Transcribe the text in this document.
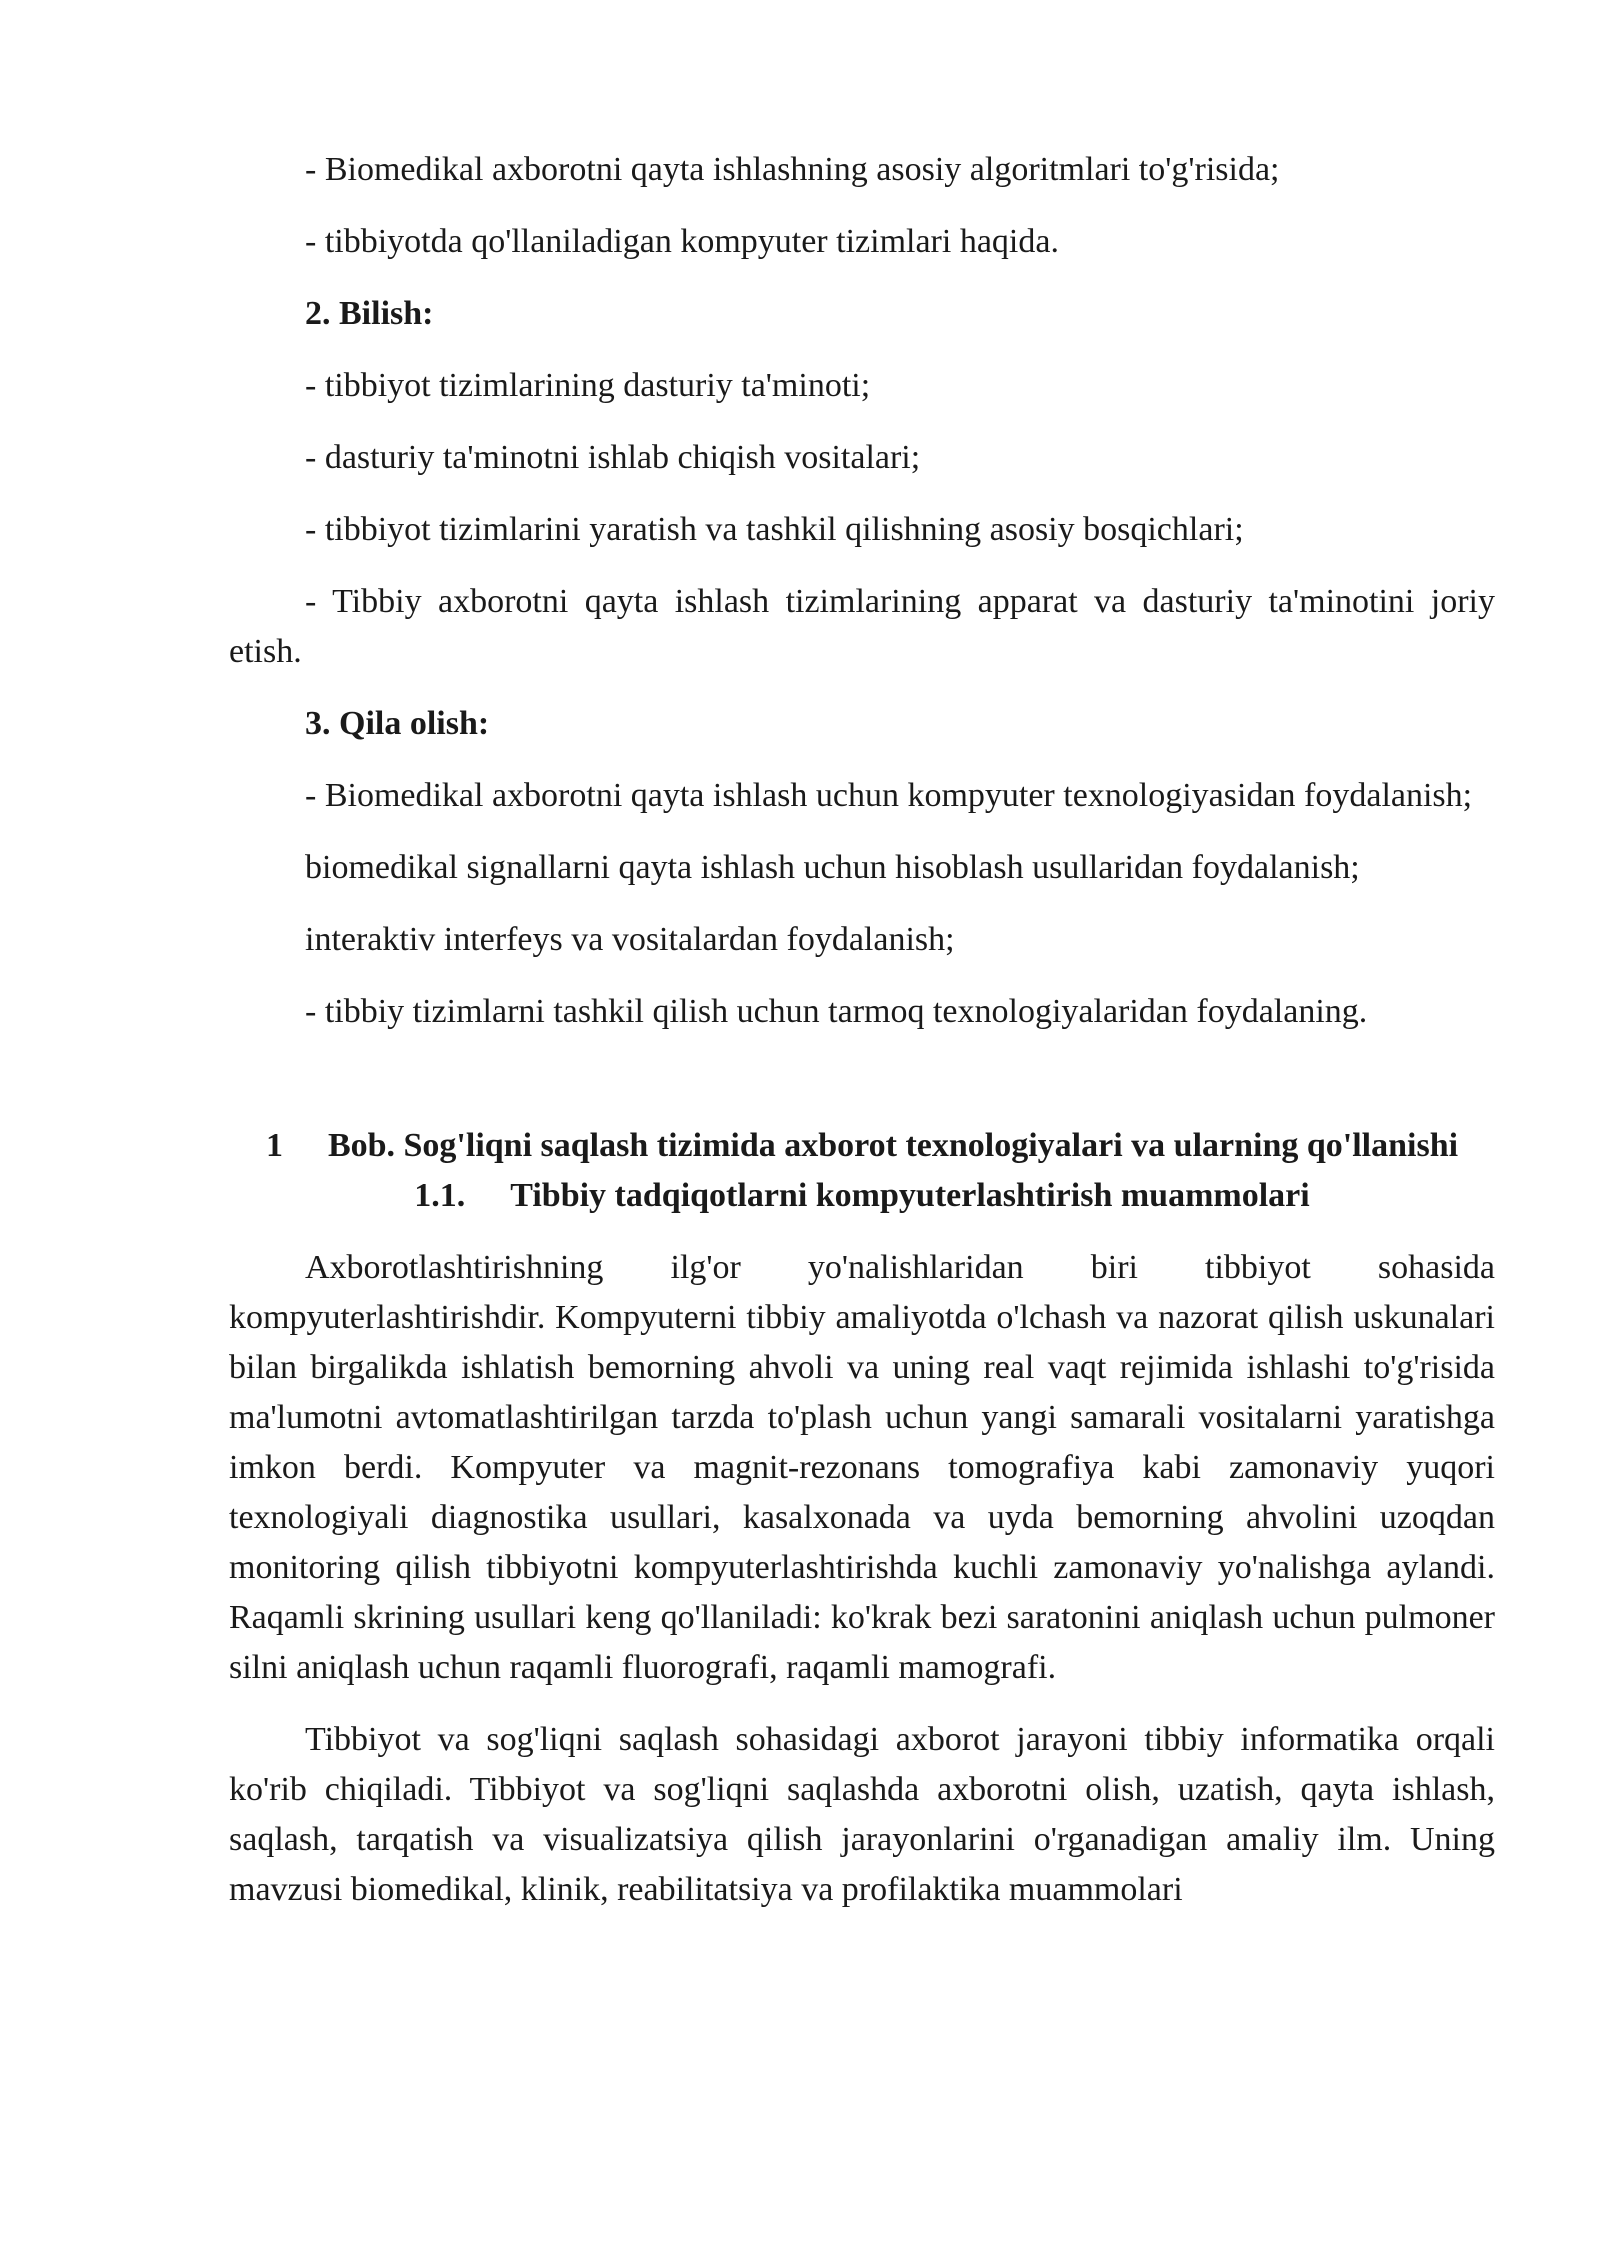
- Biomedikal axborotni qayta ishlashning asosiy algoritmlari to'g'risida;

- tibbiyotda qo'llaniladigan kompyuter tizimlari haqida.

2. Bilish:

- tibbiyot tizimlarining dasturiy ta'minoti;

- dasturiy ta'minotni ishlab chiqish vositalari;

- tibbiyot tizimlarini yaratish va tashkil qilishning asosiy bosqichlari;

- Tibbiy axborotni qayta ishlash tizimlarining apparat va dasturiy ta'minotini joriy etish.

3. Qila olish:

- Biomedikal axborotni qayta ishlash uchun kompyuter texnologiyasidan foydalanish;

biomedikal signallarni qayta ishlash uchun hisoblash usullaridan foydalanish;

interaktiv interfeys va vositalardan foydalanish;

- tibbiy tizimlarni tashkil qilish uchun tarmoq texnologiyalaridan foydalaning.

1 Bob. Sog'liqni saqlash tizimida axborot texnologiyalari va ularning qo'llanishi
1.1. Tibbiy tadqiqotlarni kompyuterlashtirish muammolari

Axborotlashtirishning ilg'or yo'nalishlaridan biri tibbiyot sohasida kompyuterlashtirishdir. Kompyuterni tibbiy amaliyotda o'lchash va nazorat qilish uskunalari bilan birgalikda ishlatish bemorning ahvoli va uning real vaqt rejimida ishlashi to'g'risida ma'lumotni avtomatlashtirilgan tarzda to'plash uchun yangi samarali vositalarni yaratishga imkon berdi. Kompyuter va magnit-rezonans tomografiya kabi zamonaviy yuqori texnologiyali diagnostika usullari, kasalxonada va uyda bemorning ahvolini uzoqdan monitoring qilish tibbiyotni kompyuterlashtirishda kuchli zamonaviy yo'nalishga aylandi. Raqamli skrining usullari keng qo'llaniladi: ko'krak bezi saratonini aniqlash uchun pulmoner silni aniqlash uchun raqamli fluorografi, raqamli mamografi.

Tibbiyot va sog'liqni saqlash sohasidagi axborot jarayoni tibbiy informatika orqali ko'rib chiqiladi. Tibbiyot va sog'liqni saqlashda axborotni olish, uzatish, qayta ishlash, saqlash, tarqatish va visualizatsiya qilish jarayonlarini o'rganadigan amaliy ilm. Uning mavzusi biomedikal, klinik, reabilitatsiya va profilaktika muammolari
